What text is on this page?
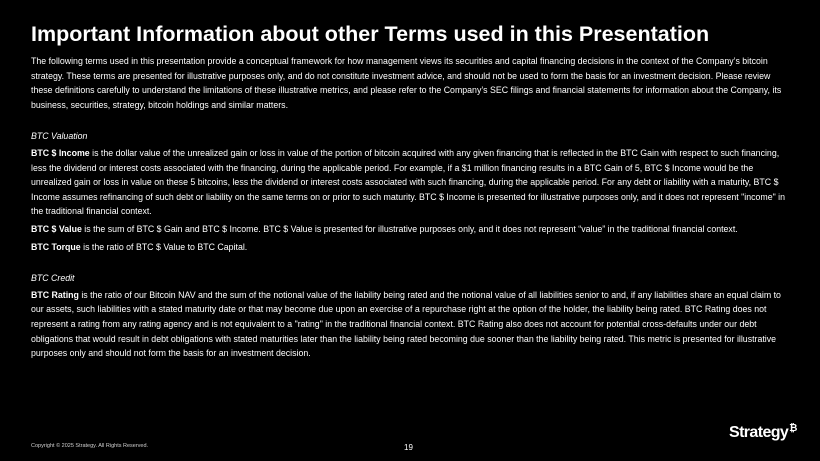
Important Information about other Terms used in this Presentation

The following terms used in this presentation provide a conceptual framework for how management views its securities and capital financing decisions in the context of the Company’s bitcoin strategy. These terms are presented for illustrative purposes only, and do not constitute investment advice, and should not be used to form the basis for an investment decision. Please review these definitions carefully to understand the limitations of these illustrative metrics, and please refer to the Company’s SEC filings and financial statements for information about the Company, its business, securities, strategy, bitcoin holdings and similar matters.

BTC Valuation

BTC $ Income is the dollar value of the unrealized gain or loss in value of the portion of bitcoin acquired with any given financing that is reflected in the BTC Gain with respect to such financing, less the dividend or interest costs associated with the financing, during the applicable period. For example, if a $1 million financing results in a BTC Gain of 5, BTC $ Income would be the unrealized gain or loss in value on these 5 bitcoins, less the dividend or interest costs associated with such financing, during the applicable period. For any debt or liability with a maturity, BTC $ Income assumes refinancing of such debt or liability on the same terms on or prior to such maturity. BTC $ Income is presented for illustrative purposes only, and it does not represent "income" in the traditional financial context.

BTC $ Value is the sum of BTC $ Gain and BTC $ Income. BTC $ Value is presented for illustrative purposes only, and it does not represent “value” in the traditional financial context.

BTC Torque is the ratio of BTC $ Value to BTC Capital.

BTC Credit

BTC Rating is the ratio of our Bitcoin NAV and the sum of the notional value of the liability being rated and the notional value of all liabilities senior to and, if any liabilities share an equal claim to our assets, such liabilities with a stated maturity date or that may become due upon an exercise of a repurchase right at the option of the holder, the liability being rated. BTC Rating does not represent a rating from any rating agency and is not equivalent to a "rating" in the traditional financial context. BTC Rating also does not account for potential cross-defaults under our debt obligations that would result in debt obligations with stated maturities later than the liability being rated becoming due sooner than the liability being rated. This metric is presented for illustrative purposes only and should not form the basis for an investment decision.

Copyright © 2025 Strategy. All Rights Reserved.	19
Strategy₿
